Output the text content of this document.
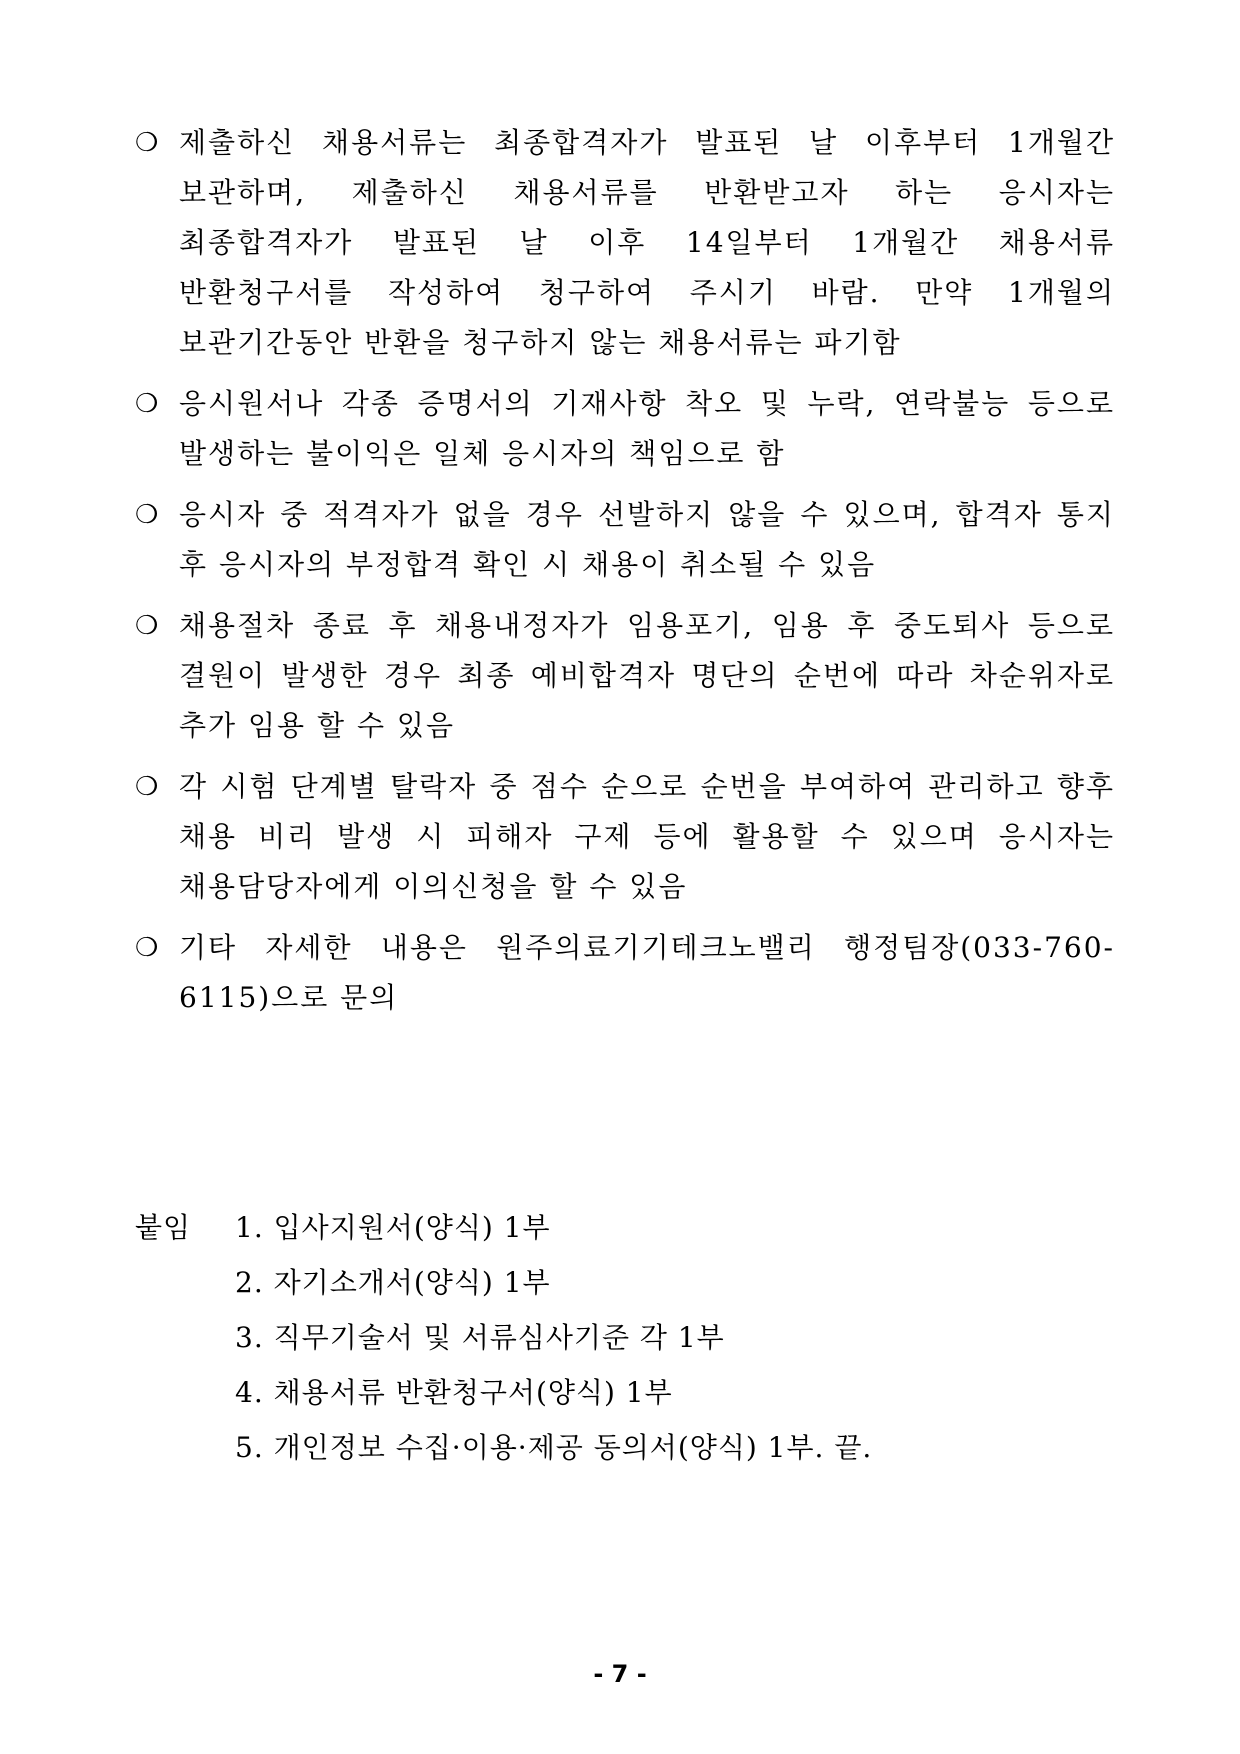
❍ 제출하신 채용서류는 최종합격자가 발표된 날 이후부터 1개월간 보관하며, 제출하신 채용서류를 반환받고자 하는 응시자는 최종합격자가 발표된 날 이후 14일부터 1개월간 채용서류 반환청구서를 작성하여 청구하여 주시기 바람. 만약 1개월의 보관기간동안 반환을 청구하지 않는 채용서류는 파기함
❍ 응시원서나 각종 증명서의 기재사항 착오 및 누락, 연락불능 등으로 발생하는 불이익은 일체 응시자의 책임으로 함
❍ 응시자 중 적격자가 없을 경우 선발하지 않을 수 있으며, 합격자 통지 후 응시자의 부정합격 확인 시 채용이 취소될 수 있음
❍ 채용절차 종료 후 채용내정자가 임용포기, 임용 후 중도퇴사 등으로 결원이 발생한 경우 최종 예비합격자 명단의 순번에 따라 차순위자로 추가 임용 할 수 있음
❍ 각 시험 단계별 탈락자 중 점수 순으로 순번을 부여하여 관리하고 향후 채용 비리 발생 시 피해자 구제 등에 활용할 수 있으며 응시자는 채용담당자에게 이의신청을 할 수 있음
❍ 기타 자세한 내용은 원주의료기기테크노밸리 행정팀장(033-760-6115)으로 문의
붙임 1. 입사지원서(양식) 1부
2. 자기소개서(양식) 1부
3. 직무기술서 및 서류심사기준 각 1부
4. 채용서류 반환청구서(양식) 1부
5. 개인정보 수집·이용·제공 동의서(양식) 1부. 끝.
- 7 -
